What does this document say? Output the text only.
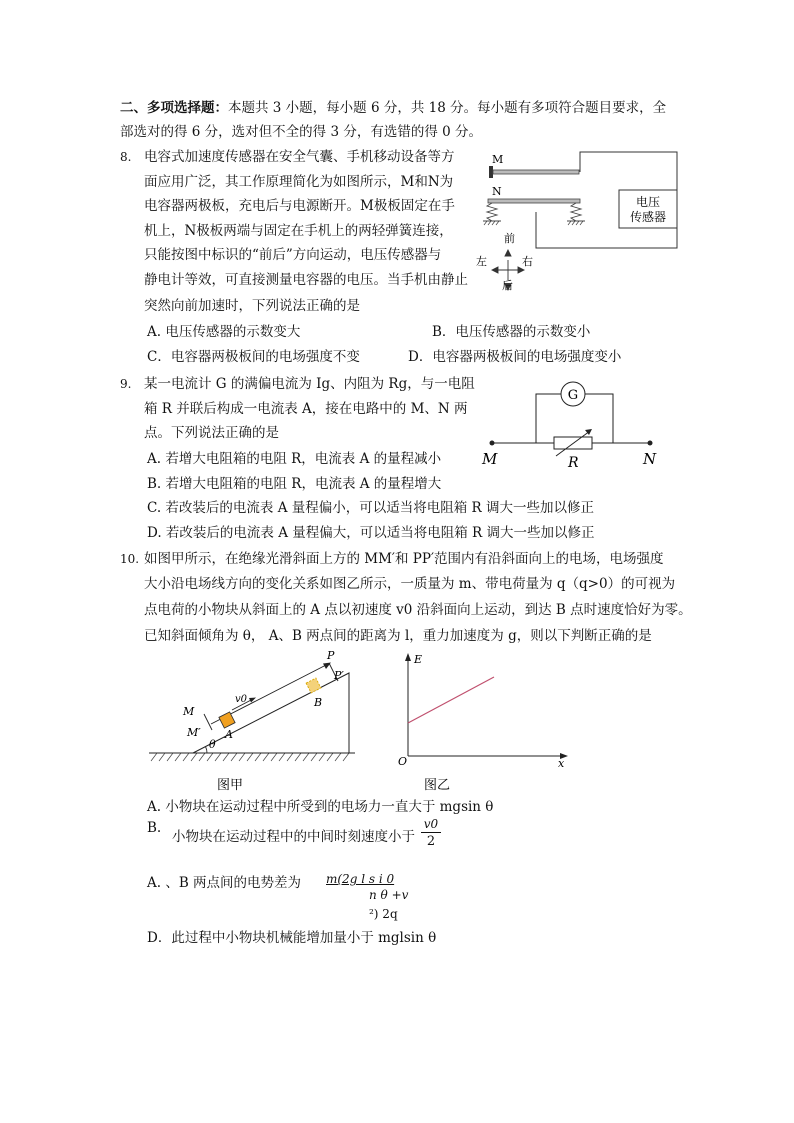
二、多项选择题：本题共 3 小题，每小题 6 分，共 18 分。每小题有多项符合题目要求，全
部选对的得 6 分，选对但不全的得 3 分，有选错的得 0 分。
8. 电容式加速度传感器在安全气囊、手机移动设备等方
面应用广泛，其工作原理简化为如图所示，M和N为
电容器两极板，充电后与电源断开。M极板固定在手
机上，N极板两端与固定在手机上的两轻弹簧连接，
只能按图中标识的“前后”方向运动，电压传感器与
静电计等效，可直接测量电容器的电压。当手机由静止
突然向前加速时，下列说法正确的是
A. 电压传感器的示数变大	B．电压传感器的示数变小
C．电容器两极板间的电场强度不变	D．电容器两极板间的电场强度变小
电压
传感器
M
N
前
后
左	右
9. 某一电流计 G 的满偏电流为 Ig、内阻为 Rg，与一电阻
箱 R 并联后构成一电流表 A，接在电路中的 M、N 两
点。下列说法正确的是
A. 若增大电阻箱的电阻 R，电流表 A 的量程减小
B. 若增大电阻箱的电阻 R，电流表 A 的量程增大
C. 若改装后的电流表 A 量程偏小，可以适当将电阻箱 R 调大一些加以修正
D. 若改装后的电流表 A 量程偏大，可以适当将电阻箱 R 调大一些加以修正
G
M	N
R
10. 如图甲所示，在绝缘光滑斜面上方的 MM′和 PP′范围内有沿斜面向上的电场，电场强度
大小沿电场线方向的变化关系如图乙所示，一质量为 m、带电荷量为 q（q>0）的可视为
点电荷的小物块从斜面上的 A 点以初速度 v0 沿斜面向上运动，到达 B 点时速度恰好为零。
已知斜面倾角为 θ， A、B 两点间的距离为 l，重力加速度为 g，则以下判断正确的是
θ
M
M′
P
P′
A
v0	B
图甲
E
O	x
图乙
A. 小物块在运动过程中所受到的电场力一直大于 mgsin θ
B.
小物块在运动过程中的中间时刻速度小于 $\frac{v0}{2}$
A. 、B 两点间的电势差为 m(2g l s i 0
n θ +v
²) 2q
D．此过程中小物块机械能增加量小于 mglsin θ
